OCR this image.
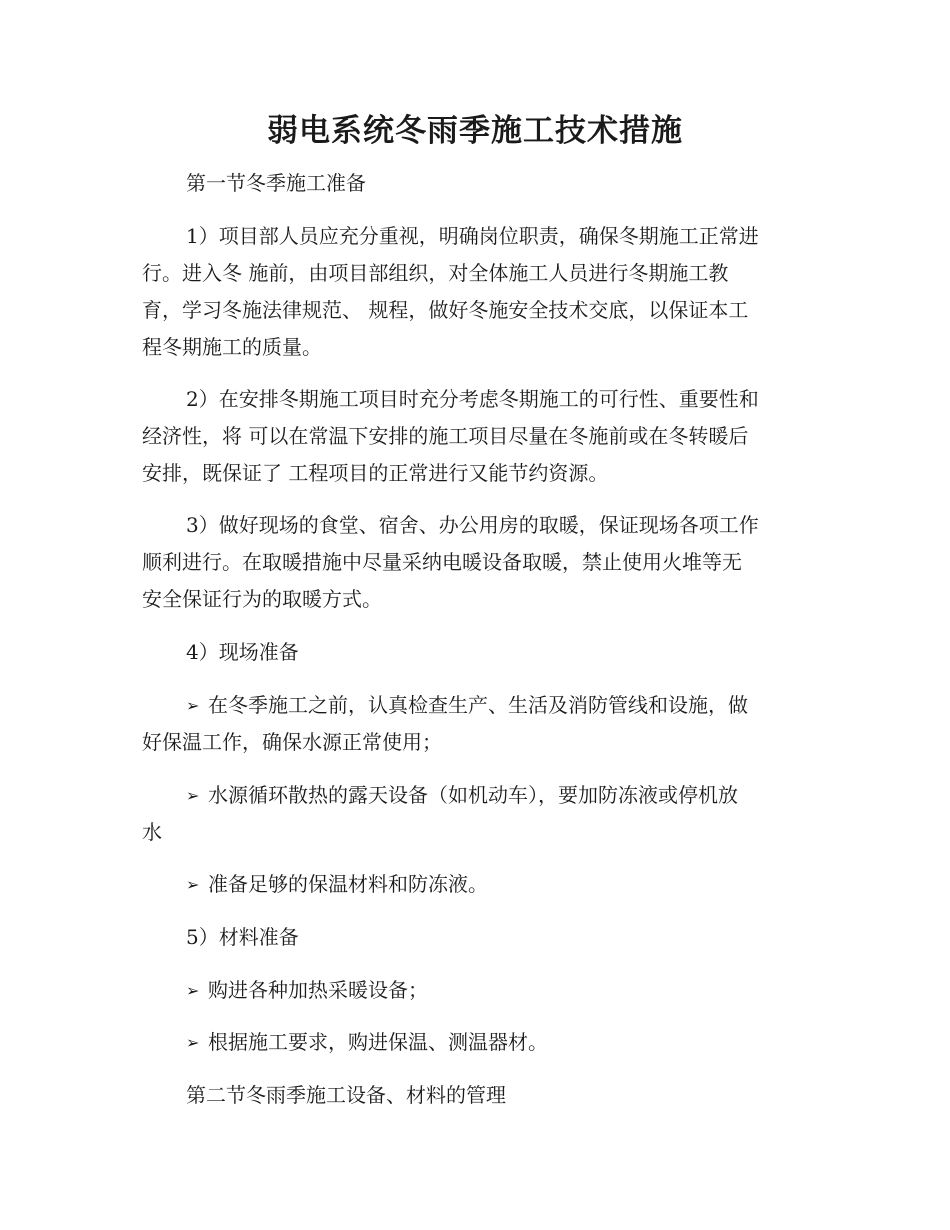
弱电系统冬雨季施工技术措施

第一节冬季施工准备

1）项目部人员应充分重视，明确岗位职责，确保冬期施工正常进

行。进入冬 施前，由项目部组织，对全体施工人员进行冬期施工教

育，学习冬施法律规范、 规程，做好冬施安全技术交底，以保证本工

程冬期施工的质量。

2）在安排冬期施工项目时充分考虑冬期施工的可行性、重要性和

经济性，将 可以在常温下安排的施工项目尽量在冬施前或在冬转暖后

安排，既保证了 工程项目的正常进行又能节约资源。

3）做好现场的食堂、宿舍、办公用房的取暖，保证现场各项工作

顺利进行。在取暖措施中尽量采纳电暖设备取暖，禁止使用火堆等无

安全保证行为的取暖方式。

4）现场准备

➢ 在冬季施工之前，认真检查生产、生活及消防管线和设施，做

好保温工作，确保水源正常使用；

➢ 水源循环散热的露天设备（如机动车），要加防冻液或停机放

水

➢ 准备足够的保温材料和防冻液。

5）材料准备

➢ 购进各种加热采暖设备；

➢ 根据施工要求，购进保温、测温器材。

第二节冬雨季施工设备、材料的管理
